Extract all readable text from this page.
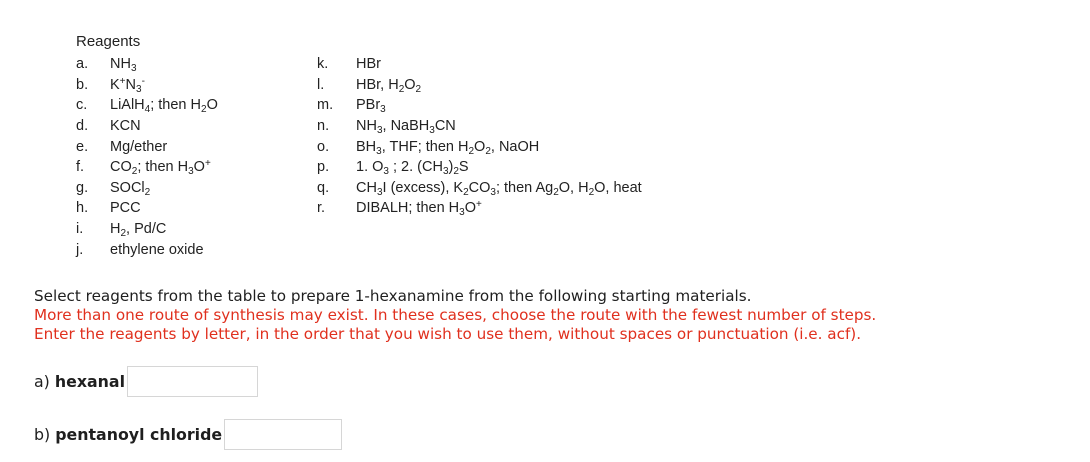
Reagents
a.	$NH_3$
b.	$K^+N_3^-$
c.	LiAlH$_4$; then $H_2O$
d.	KCN
e.	Mg/ether
f.	$CO_2$; then $H_3O^+$
g.	SOCl$_2$
h.	PCC
i.	$H_2$, Pd/C
j.	ethylene oxide
k.	HBr
l.	HBr, $H_2O_2$
m.	PBr$_3$
n.	$NH_3$, NaBH$_3$CN
o.	$BH_3$, THF; then $H_2O_2$, NaOH
p.	1. $O_3$ ; 2. $(CH_3)_2S$
q.	$CH_3I$ (excess), $K_2CO_3$; then $Ag_2O$, $H_2O$, heat
r.	DIBALH; then $H_3O^+$
Select reagents from the table to prepare 1-hexanamine from the following starting materials.
More than one route of synthesis may exist. In these cases, choose the route with the fewest number of steps.
Enter the reagents by letter, in the order that you wish to use them, without spaces or punctuation (i.e. acf).
a) hexanal
b) pentanoyl chloride
